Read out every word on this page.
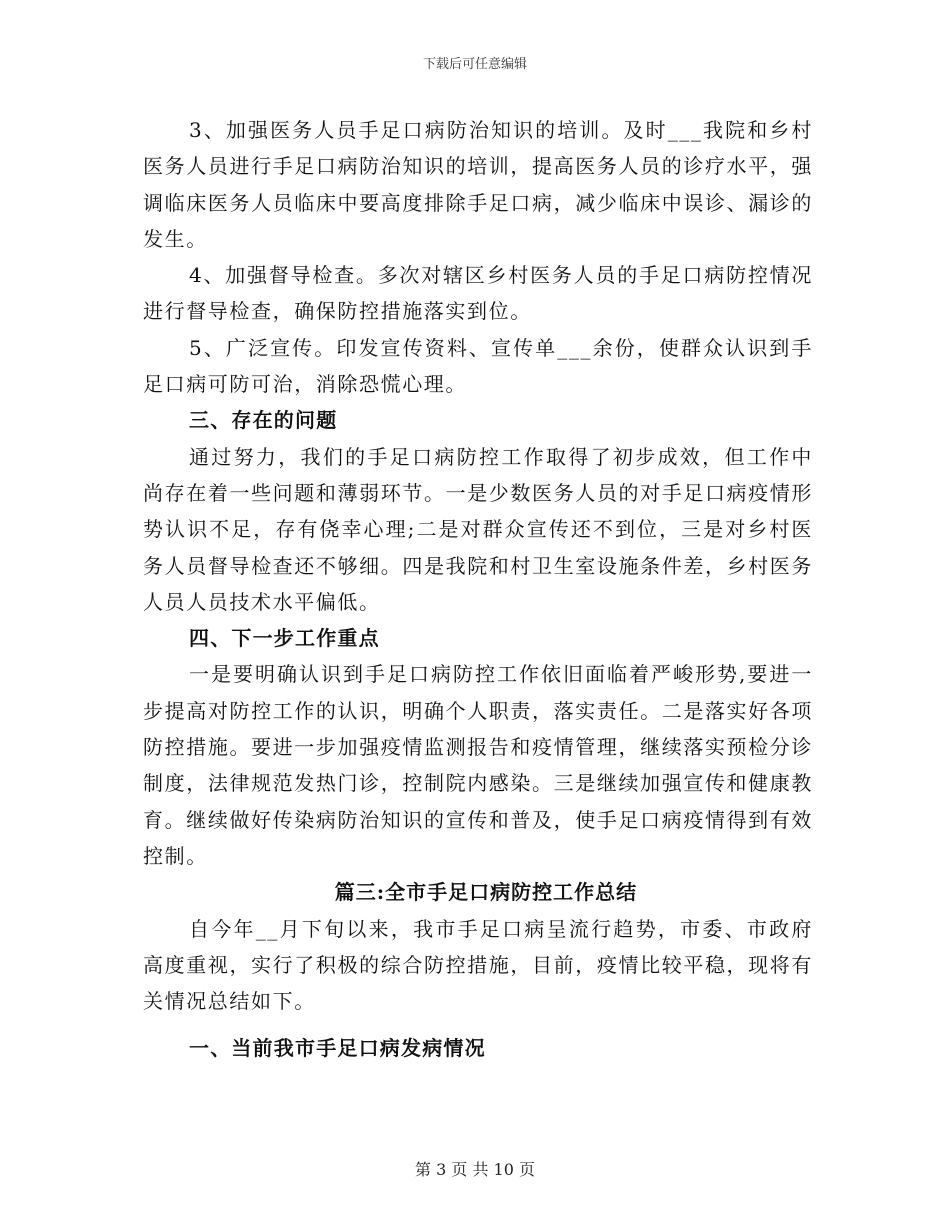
下载后可任意编辑

3、加强医务人员手足口病防治知识的培训。及时___我院和乡村医务人员进行手足口病防治知识的培训，提高医务人员的诊疗水平，强调临床医务人员临床中要高度排除手足口病，减少临床中误诊、漏诊的发生。

4、加强督导检查。多次对辖区乡村医务人员的手足口病防控情况进行督导检查，确保防控措施落实到位。

5、广泛宣传。印发宣传资料、宣传单___余份，使群众认识到手足口病可防可治，消除恐慌心理。

三、存在的问题

通过努力，我们的手足口病防控工作取得了初步成效，但工作中尚存在着一些问题和薄弱环节。一是少数医务人员的对手足口病疫情形势认识不足，存有侥幸心理;二是对群众宣传还不到位，三是对乡村医务人员督导检查还不够细。四是我院和村卫生室设施条件差，乡村医务人员人员技术水平偏低。

四、下一步工作重点

一是要明确认识到手足口病防控工作依旧面临着严峻形势,要进一步提高对防控工作的认识，明确个人职责，落实责任。二是落实好各项防控措施。要进一步加强疫情监测报告和疫情管理，继续落实预检分诊制度，法律规范发热门诊，控制院内感染。三是继续加强宣传和健康教育。继续做好传染病防治知识的宣传和普及，使手足口病疫情得到有效控制。

篇三:全市手足口病防控工作总结

自今年__月下旬以来，我市手足口病呈流行趋势，市委、市政府高度重视，实行了积极的综合防控措施，目前，疫情比较平稳，现将有关情况总结如下。

一、当前我市手足口病发病情况

第 3 页 共 10 页
